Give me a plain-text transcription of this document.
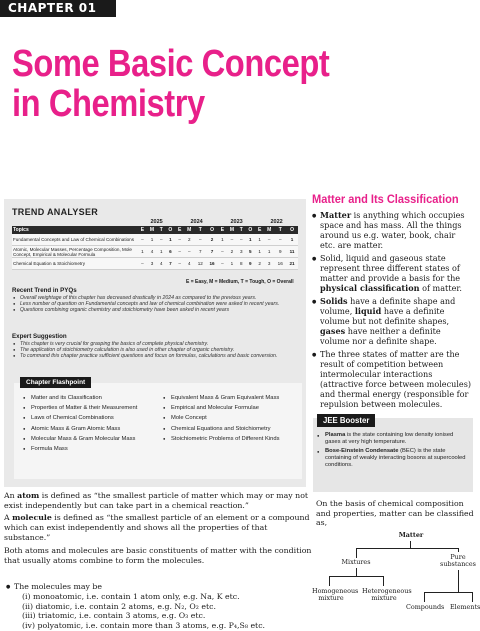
CHAPTER 01
Some Basic Concept
in Chemistry
TREND ANALYSER
	2025				2024				2023				2022			
Topics	E	M	T	O	E	M	T	O	E	M	T	O	E	M	T	O
Fundamental Concepts and Law of Chemical Combinations	–	1	–	1	–	2	–	2	1	–	–	1	1	–	–	1
Atomic, Molecular Masses, Percentage Composition, Mole Concept, Empirical & Molecular Formula	1	4	1	6	–	–	7	7	–	2	3	5	1	1	9	11
Chemical Equation & Stoichiometry	–	3	4	7	–	4	12	16	–	1	8	9	2	3	16	21
E = Easy, M = Medium, T = Tough, O = Overall
Recent Trend in PYQs
● Overall weightage of this chapter has decreased drastically in 2024 as compared to the previous years.
● Less number of question on Fundamental concepts and law of chemical combination were asked in recent years.
● Questions combining organic chemistry and stoichiometry have been asked in recent years
Expert Suggestion
● This chapter is very crucial for grasping the basics of complete physical chemistry.
● The application of stoichiometry calculation is also used in other chapter of organic chemistry.
● To command this chapter practice sufficient questions and focus on formulas, calculations and basic conversion.
Chapter Flashpoint
● Matter and its Classification
● Properties of Matter & their Measurement
● Laws of Chemical Combinations
● Atomic Mass & Gram Atomic Mass
● Molecular Mass & Gram Molecular Mass
● Formula Mass
● Equivalent Mass & Gram Equivalent Mass
● Empirical and Molecular Formulae
● Mole Concept
● Chemical Equations and Stoichiometry
● Stoichiometric Problems of Different Kinds
Matter and Its Classification
● Matter is anything which occupies space and has mass. All the things around us e.g. water, book, chair etc. are matter.
● Solid, liquid and gaseous state represent three different states of matter and provide a basis for the physical classification of matter.
● Solids have a definite shape and volume, liquid have a definite volume but not definite shapes, gases have neither a definite volume nor a definite shape.
● The three states of matter are the result of competition between intermolecular interactions (attractive force between molecules) and thermal energy (responsible for repulsion between molecules.
JEE Booster
● Plasma is the state containing low density ionised gases at very high temperature.
● Bose-Einstein Condensate (BEC) is the state containing of weakly interacting bosons at supercooled conditions.
On the basis of chemical composition and properties, matter can be classified as,
Matter
Mixtures
Pure substances
Homogeneous mixture
Heterogeneous mixture
Compounds Elements
An atom is defined as “the smallest particle of matter which may or may not exist independently but can take part in a chemical reaction.”
A molecule is defined as “the smallest particle of an element or a compound which can exist independently and shows all the properties of that substance.”
Both atoms and molecules are basic constituents of matter with the condition that usually atoms combine to form the molecules.
● The molecules may be
(i) monoatomic, i.e. contain 1 atom only, e.g. Na, K etc.
(ii) diatomic, i.e. contain 2 atoms, e.g. N₂, O₂ etc.
(iii) triatomic, i.e. contain 3 atoms, e.g. O₃ etc.
(iv) polyatomic, i.e. contain more than 3 atoms, e.g. P₄,S₈ etc.
